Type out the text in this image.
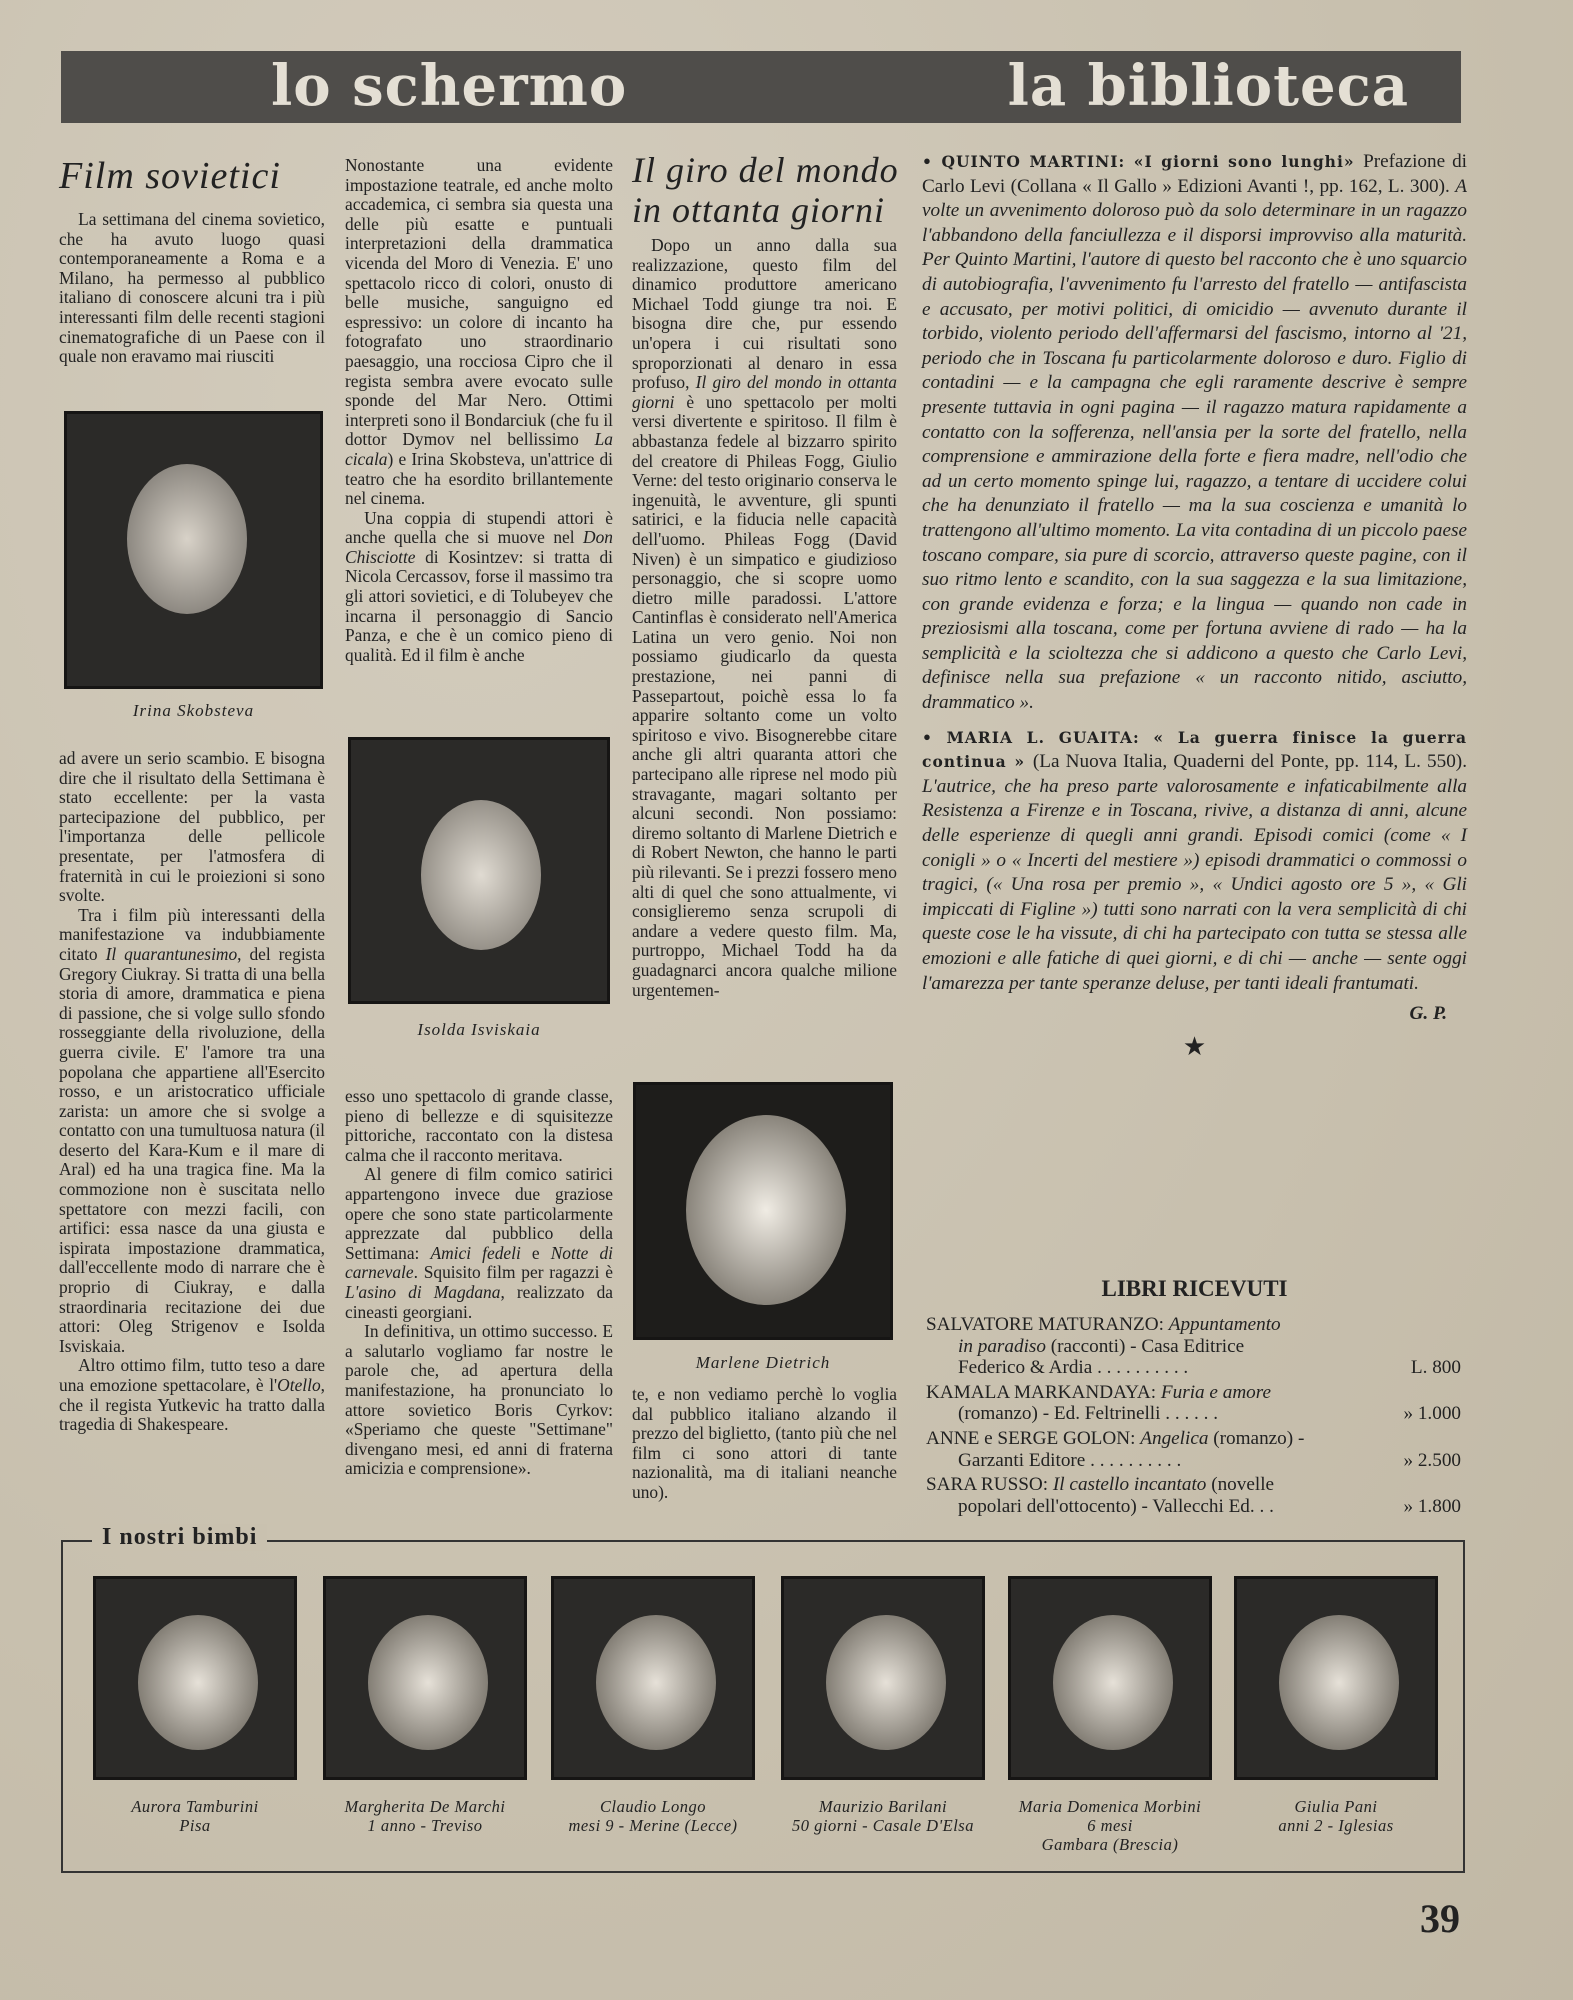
lo schermo	la biblioteca
Film sovietici

La settimana del cinema sovietico, che ha avuto luogo quasi contemporaneamente a Roma e a Milano, ha permesso al pubblico italiano di conoscere alcuni tra i più interessanti film delle recenti stagioni cinematografiche di un Paese con il quale non eravamo mai riusciti

Irina Skobsteva

ad avere un serio scambio. E bisogna dire che il risultato della Settimana è stato eccellente: per la vasta partecipazione del pubblico, per l'importanza delle pellicole presentate, per l'atmosfera di fraternità in cui le proiezioni si sono svolte.

Tra i film più interessanti della manifestazione va indubbiamente citato Il quarantunesimo, del regista Gregory Ciukray. Si tratta di una bella storia di amore, drammatica e piena di passione, che si volge sullo sfondo rosseggiante della rivoluzione, della guerra civile. E' l'amore tra una popolana che appartiene all'Esercito rosso, e un aristocratico ufficiale zarista: un amore che si svolge a contatto con una tumultuosa natura (il deserto del Kara-Kum e il mare di Aral) ed ha una tragica fine. Ma la commozione non è suscitata nello spettatore con mezzi facili, con artifici: essa nasce da una giusta e ispirata impostazione drammatica, dall'eccellente modo di narrare che è proprio di Ciukray, e dalla straordinaria recitazione dei due attori: Oleg Strigenov e Isolda Isviskaia.

Altro ottimo film, tutto teso a dare una emozione spettacolare, è l'Otello, che il regista Yutkevic ha tratto dalla tragedia di Shakespeare.

Nonostante una evidente impostazione teatrale, ed anche molto accademica, ci sembra sia questa una delle più esatte e puntuali interpretazioni della drammatica vicenda del Moro di Venezia. E' uno spettacolo ricco di colori, onusto di belle musiche, sanguigno ed espressivo: un colore di incanto ha fotografato uno straordinario paesaggio, una rocciosa Cipro che il regista sembra avere evocato sulle sponde del Mar Nero. Ottimi interpreti sono il Bondarciuk (che fu il dottor Dymov nel bellissimo La cicala) e Irina Skobsteva, un'attrice di teatro che ha esordito brillantemente nel cinema.

Una coppia di stupendi attori è anche quella che si muove nel Don Chisciotte di Kosintzev: si tratta di Nicola Cercassov, forse il massimo tra gli attori sovietici, e di Tolubeyev che incarna il personaggio di Sancio Panza, e che è un comico pieno di qualità. Ed il film è anche

Isolda Isviskaia

esso uno spettacolo di grande classe, pieno di bellezze e di squisitezze pittoriche, raccontato con la distesa calma che il racconto meritava.

Al genere di film comico satirici appartengono invece due graziose opere che sono state particolarmente apprezzate dal pubblico della Settimana: Amici fedeli e Notte di carnevale. Squisito film per ragazzi è L'asino di Magdana, realizzato da cineasti georgiani.

In definitiva, un ottimo successo. E a salutarlo vogliamo far nostre le parole che, ad apertura della manifestazione, ha pronunciato lo attore sovietico Boris Cyrkov: «Speriamo che queste "Settimane" divengano mesi, ed anni di fraterna amicizia e comprensione».

Il giro del mondo
in ottanta giorni

Dopo un anno dalla sua realizzazione, questo film del dinamico produttore americano Michael Todd giunge tra noi. E bisogna dire che, pur essendo un'opera i cui risultati sono sproporzionati al denaro in essa profuso, Il giro del mondo in ottanta giorni è uno spettacolo per molti versi divertente e spiritoso. Il film è abbastanza fedele al bizzarro spirito del creatore di Phileas Fogg, Giulio Verne: del testo originario conserva le ingenuità, le avventure, gli spunti satirici, e la fiducia nelle capacità dell'uomo. Phileas Fogg (David Niven) è un simpatico e giudizioso personaggio, che si scopre uomo dietro mille paradossi. L'attore Cantinflas è considerato nell'America Latina un vero genio. Noi non possiamo giudicarlo da questa prestazione, nei panni di Passepartout, poichè essa lo fa apparire soltanto come un volto spiritoso e vivo. Bisognerebbe citare anche gli altri quaranta attori che partecipano alle riprese nel modo più stravagante, magari soltanto per alcuni secondi. Non possiamo: diremo soltanto di Marlene Dietrich e di Robert Newton, che hanno le parti più rilevanti. Se i prezzi fossero meno alti di quel che sono attualmente, vi consiglieremo senza scrupoli di andare a vedere questo film. Ma, purtroppo, Michael Todd ha da guadagnarci ancora qualche milione urgentemen-

Marlene Dietrich

te, e non vediamo perchè lo voglia dal pubblico italiano alzando il prezzo del biglietto, (tanto più che nel film ci sono attori di tante nazionalità, ma di italiani neanche uno).

• QUINTO MARTINI: «I giorni sono lunghi» Prefazione di Carlo Levi (Collana « Il Gallo » Edizioni Avanti !, pp. 162, L. 300). A volte un avvenimento doloroso può da solo determinare in un ragazzo l'abbandono della fanciullezza e il disporsi improvviso alla maturità. Per Quinto Martini, l'autore di questo bel racconto che è uno squarcio di autobiografia, l'avvenimento fu l'arresto del fratello — antifascista e accusato, per motivi politici, di omicidio — avvenuto durante il torbido, violento periodo dell'affermarsi del fascismo, intorno al '21, periodo che in Toscana fu particolarmente doloroso e duro. Figlio di contadini — e la campagna che egli raramente descrive è sempre presente tuttavia in ogni pagina — il ragazzo matura rapidamente a contatto con la sofferenza, nell'ansia per la sorte del fratello, nella comprensione e ammirazione della forte e fiera madre, nell'odio che ad un certo momento spinge lui, ragazzo, a tentare di uccidere colui che ha denunziato il fratello — ma la sua coscienza e umanità lo trattengono all'ultimo momento. La vita contadina di un piccolo paese toscano compare, sia pure di scorcio, attraverso queste pagine, con il suo ritmo lento e scandito, con la sua saggezza e la sua limitazione, con grande evidenza e forza; e la lingua — quando non cade in preziosismi alla toscana, come per fortuna avviene di rado — ha la semplicità e la scioltezza che si addicono a questo che Carlo Levi, definisce nella sua prefazione « un racconto nitido, asciutto, drammatico ».

• MARIA L. GUAITA: « La guerra finisce la guerra continua » (La Nuova Italia, Quaderni del Ponte, pp. 114, L. 550). L'autrice, che ha preso parte valorosamente e infaticabilmente alla Resistenza a Firenze e in Toscana, rivive, a distanza di anni, alcune delle esperienze di quegli anni grandi. Episodi comici (come « I conigli » o « Incerti del mestiere ») episodi drammatici o commossi o tragici, (« Una rosa per premio », « Undici agosto ore 5 », « Gli impiccati di Figline ») tutti sono narrati con la vera semplicità di chi queste cose le ha vissute, di chi ha partecipato con tutta se stessa alle emozioni e alle fatiche di quei giorni, e di chi — anche — sente oggi l'amarezza per tante speranze deluse, per tanti ideali frantumati.

G. P.
★
LIBRI RICEVUTI
SALVATORE MATURANZO: Appuntamento
in paradiso (racconti) - Casa Editrice
Federico & Ardia . . . . . . . . . .	L. 800
KAMALA MARKANDAYA: Furia e amore
(romanzo) - Ed. Feltrinelli . . . . . .	» 1.000
ANNE e SERGE GOLON: Angelica (romanzo) -
Garzanti Editore . . . . . . . . . .	» 2.500
SARA RUSSO: Il castello incantato (novelle
popolari dell'ottocento) - Vallecchi Ed. . .	» 1.800
I nostri bimbi
Aurora Tamburini
Pisa
Margherita De Marchi
1 anno - Treviso
Claudio Longo
mesi 9 - Merine (Lecce)
Maurizio Barilani
50 giorni - Casale D'Elsa
Maria Domenica Morbini
6 mesi
Gambara (Brescia)
Giulia Pani
anni 2 - Iglesias
39
